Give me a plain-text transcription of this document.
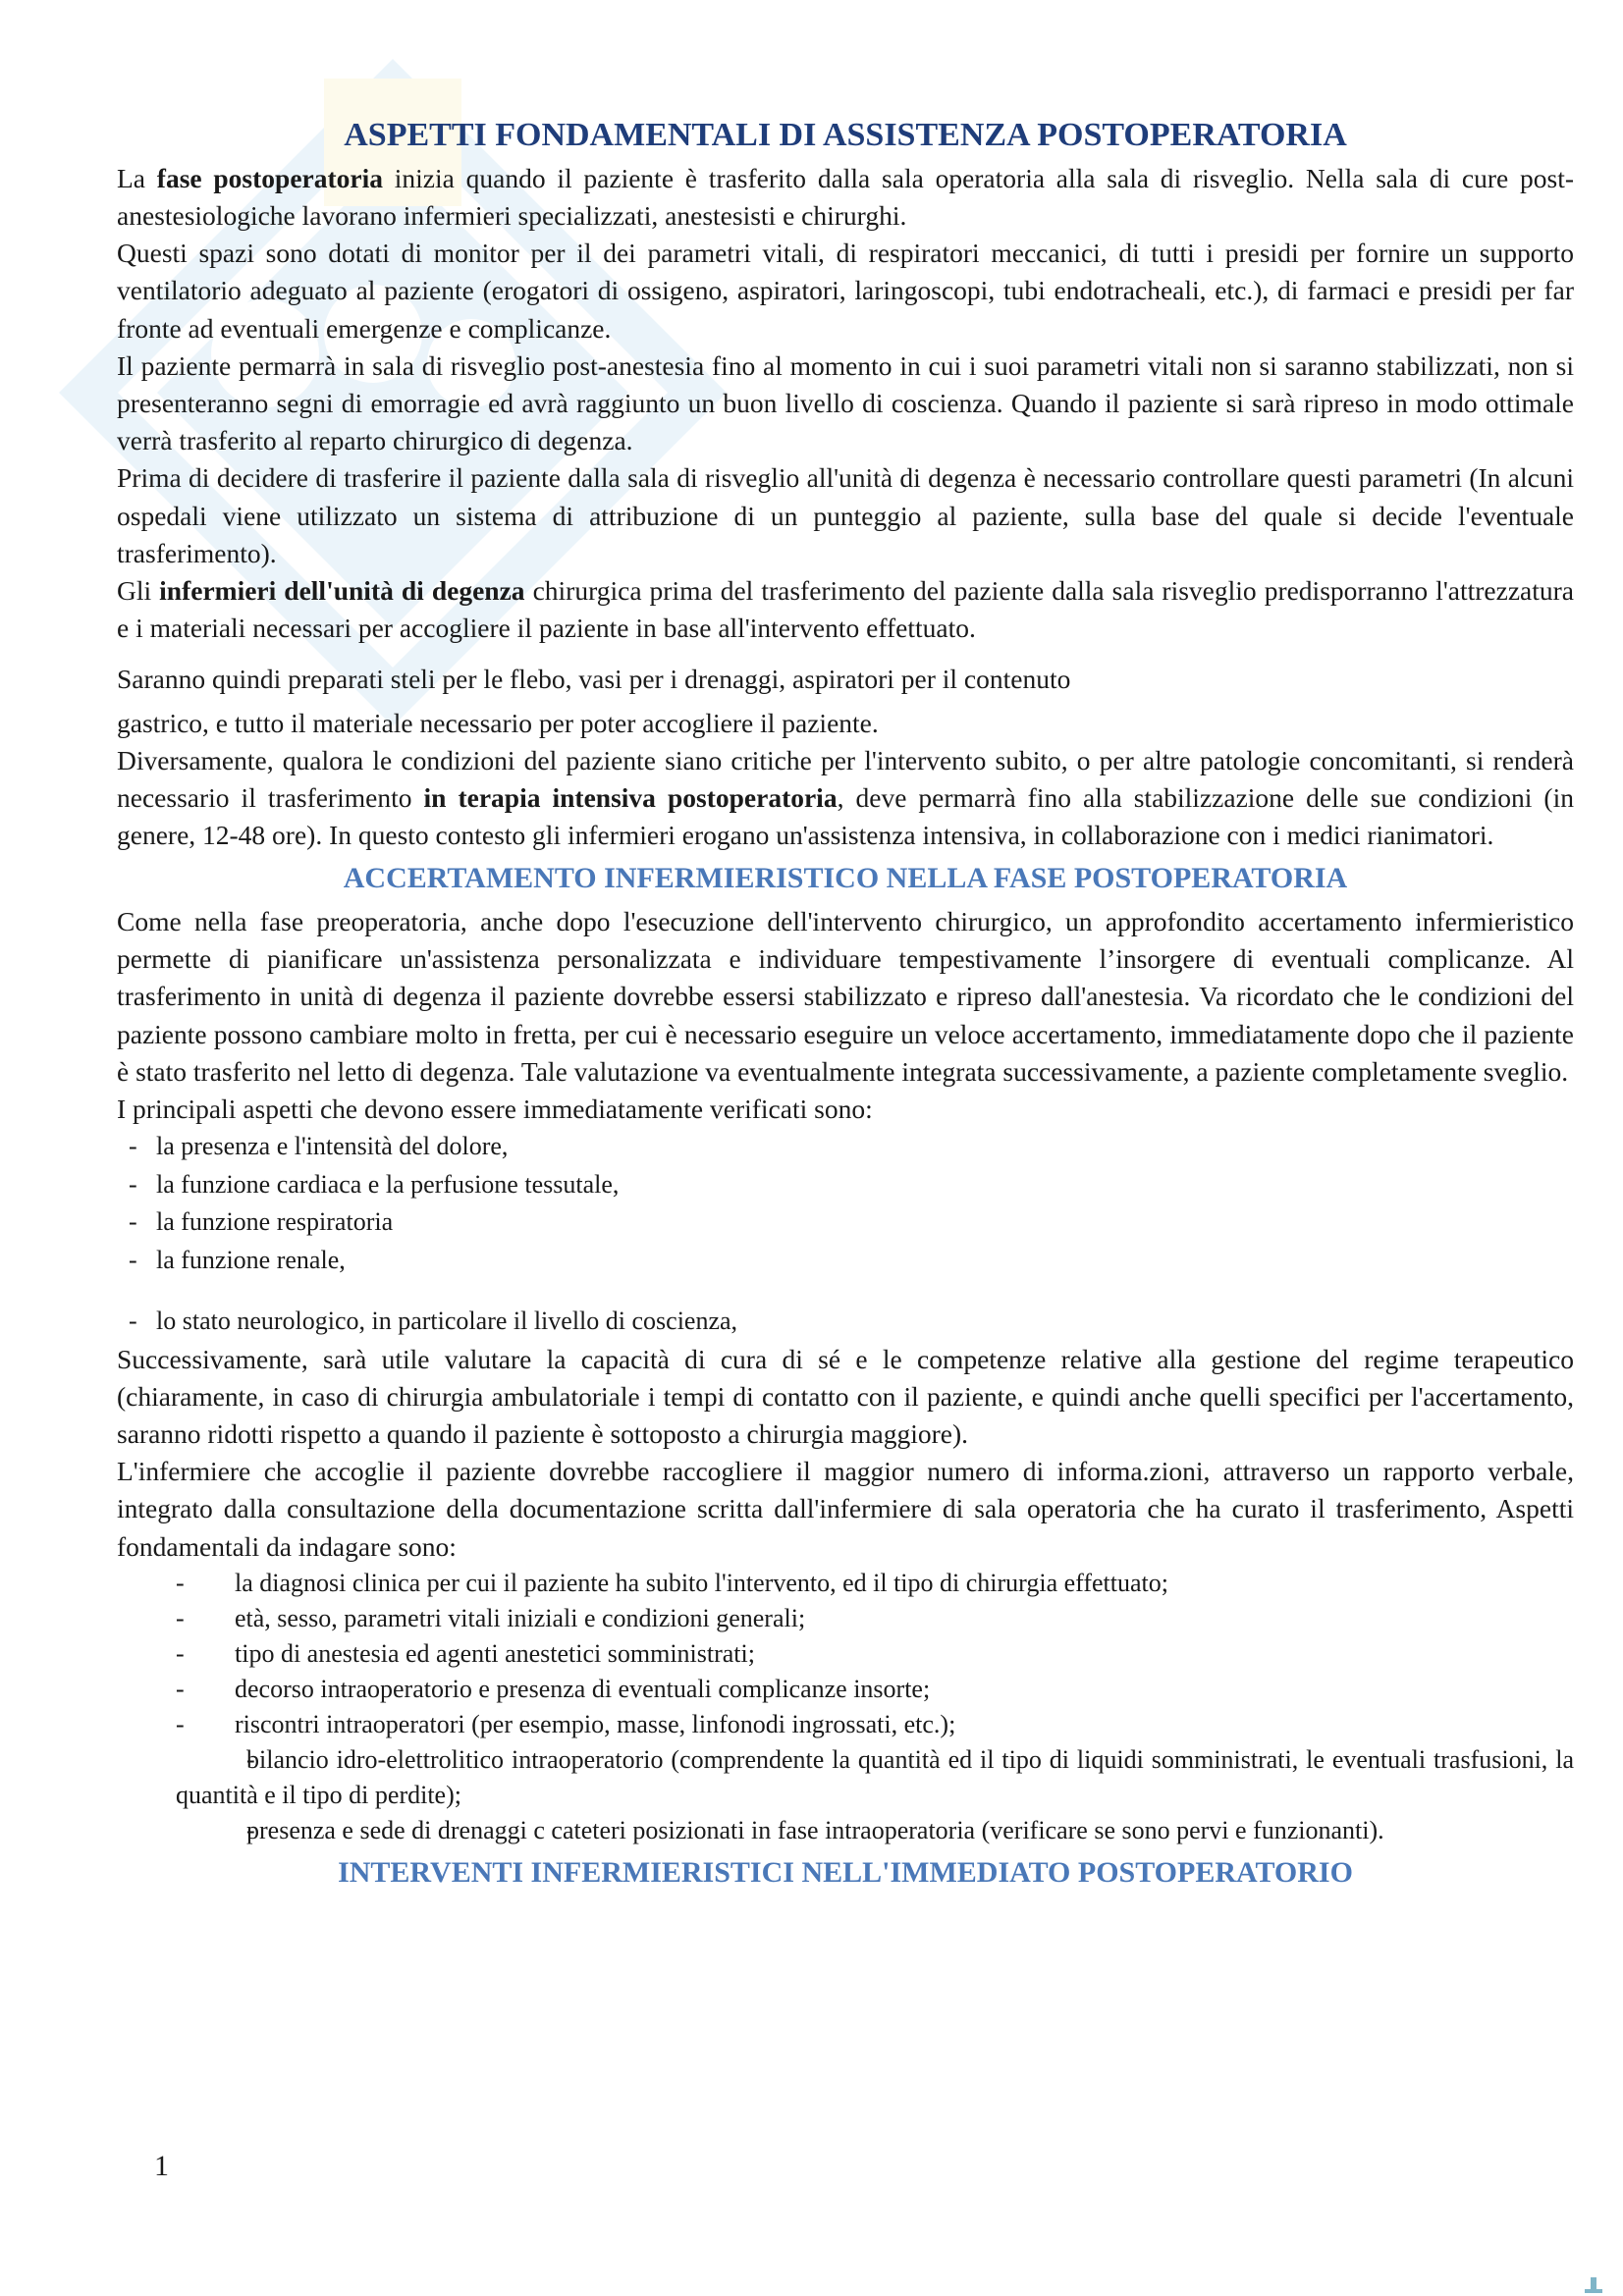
ASPETTI FONDAMENTALI DI ASSISTENZA POSTOPERATORIA

La fase postoperatoria inizia quando il paziente è trasferito dalla sala operatoria alla sala di risveglio. Nella sala di cure post-anestesiologiche lavorano infermieri specializzati, anestesisti e chirurghi.

Questi spazi sono dotati di monitor per il dei parametri vitali, di respiratori meccanici, di tutti i presidi per fornire un supporto ventilatorio adeguato al paziente (erogatori di ossigeno, aspiratori, laringoscopi, tubi endotracheali, etc.), di farmaci e presidi per far fronte ad eventuali emergenze e complicanze.

Il paziente permarrà in sala di risveglio post-anestesia fino al momento in cui i suoi parametri vitali non si saranno stabilizzati, non si presenteranno segni di emorragie ed avrà raggiunto un buon livello di coscienza. Quando il paziente si sarà ripreso in modo ottimale verrà trasferito al reparto chirurgico di degenza.

Prima di decidere di trasferire il paziente dalla sala di risveglio all'unità di degenza è necessario controllare questi parametri (In alcuni ospedali viene utilizzato un sistema di attribuzione di un punteggio al paziente, sulla base del quale si decide l'eventuale trasferimento).

Gli infermieri dell'unità di degenza chirurgica prima del trasferimento del paziente dalla sala risveglio predisporranno l'attrezzatura e i materiali necessari per accogliere il paziente in base all'intervento effettuato.

Saranno quindi preparati steli per le flebo, vasi per i drenaggi, aspiratori per il contenuto

gastrico, e tutto il materiale necessario per poter accogliere il paziente.

Diversamente, qualora le condizioni del paziente siano critiche per l'intervento subito, o per altre patologie concomitanti, si renderà necessario il trasferimento in terapia intensiva postoperatoria, deve permarrà fino alla stabilizzazione delle sue condizioni (in genere, 12-48 ore). In questo contesto gli infermieri erogano un'assistenza intensiva, in collaborazione con i medici rianimatori.

ACCERTAMENTO INFERMIERISTICO NELLA FASE POSTOPERATORIA

Come nella fase preoperatoria, anche dopo l'esecuzione dell'intervento chirurgico, un approfondito accertamento infermieristico permette di pianificare un'assistenza personalizzata e individuare tempestivamente l’insorgere di eventuali complicanze. Al trasferimento in unità di degenza il paziente dovrebbe essersi stabilizzato e ripreso dall'anestesia. Va ricordato che le condizioni del paziente possono cambiare molto in fretta, per cui è necessario eseguire un veloce accertamento, immediatamente dopo che il paziente è stato trasferito nel letto di degenza. Tale valutazione va eventualmente integrata successivamente, a paziente completamente sveglio.

I principali aspetti che devono essere immediatamente verificati sono:

- la presenza e l'intensità del dolore,
- la funzione cardiaca e la perfusione tessutale,
- la funzione respiratoria
- la funzione renale,
- lo stato neurologico, in particolare il livello di coscienza,

Successivamente, sarà utile valutare la capacità di cura di sé e le competenze relative alla gestione del regime terapeutico (chiaramente, in caso di chirurgia ambulatoriale i tempi di contatto con il paziente, e quindi anche quelli specifici per l'accertamento, saranno ridotti rispetto a quando il paziente è sottoposto a chirurgia maggiore).

L'infermiere che accoglie il paziente dovrebbe raccogliere il maggior numero di informa.zioni, attraverso un rapporto verbale, integrato dalla consultazione della documentazione scritta dall'infermiere di sala operatoria che ha curato il trasferimento, Aspetti fondamentali da indagare sono:

- la diagnosi clinica per cui il paziente ha subito l'intervento, ed il tipo di chirurgia effettuato;
- età, sesso, parametri vitali iniziali e condizioni generali;
- tipo di anestesia ed agenti anestetici somministrati;
- decorso intraoperatorio e presenza di eventuali complicanze insorte;
- riscontri intraoperatori (per esempio, masse, linfonodi ingrossati, etc.);
- bilancio idro-elettrolitico intraoperatorio (comprendente la quantità ed il tipo di liquidi somministrati, le eventuali trasfusioni, la quantità e il tipo di perdite);
- presenza e sede di drenaggi c cateteri posizionati in fase intraoperatoria (verificare se sono pervi e funzionanti).
INTERVENTI INFERMIERISTICI NELL'IMMEDIATO POSTOPERATORIO
1
